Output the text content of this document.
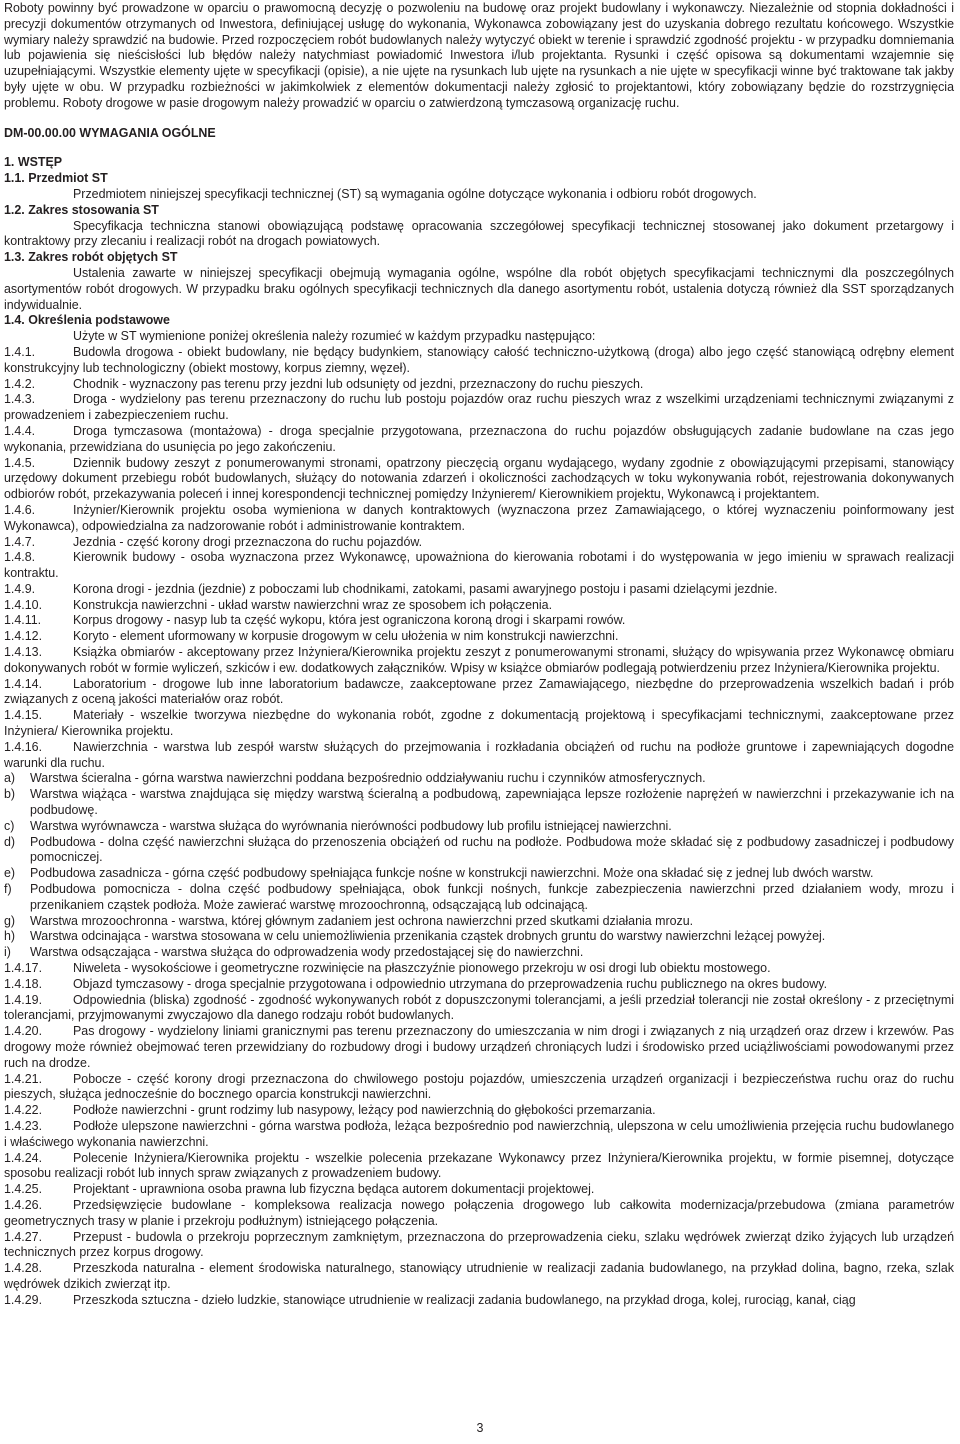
Roboty powinny być prowadzone w oparciu o prawomocną decyzję o pozwoleniu na budowę oraz projekt budowlany i wykonawczy. Niezależnie od stopnia dokładności i precyzji dokumentów otrzymanych od Inwestora, definiującej usługę do wykonania, Wykonawca zobowiązany jest do uzyskania dobrego rezultatu końcowego. Wszystkie wymiary należy sprawdzić na budowie. Przed rozpoczęciem robót budowlanych należy wytyczyć obiekt w terenie i sprawdzić zgodność projektu - w przypadku domniemania lub pojawienia się nieścisłości lub błędów należy natychmiast powiadomić Inwestora i/lub projektanta. Rysunki i część opisowa są dokumentami wzajemnie się uzupełniającymi. Wszystkie elementy ujęte w specyfikacji (opisie), a nie ujęte na rysunkach lub ujęte na rysunkach a nie ujęte w specyfikacji winne być traktowane tak jakby były ujęte w obu. W przypadku rozbieżności w jakimkolwiek z elementów dokumentacji należy zgłosić to projektantowi, który zobowiązany będzie do rozstrzygnięcia problemu. Roboty drogowe w pasie drogowym należy prowadzić w oparciu o zatwierdzoną tymczasową organizację ruchu.

DM-00.00.00 WYMAGANIA OGÓLNE

1. WSTĘP

1.1. Przedmiot ST

Przedmiotem niniejszej specyfikacji technicznej (ST) są wymagania ogólne dotyczące wykonania i odbioru robót drogowych.

1.2. Zakres stosowania ST

Specyfikacja techniczna stanowi obowiązującą podstawę opracowania szczegółowej specyfikacji technicznej stosowanej jako dokument przetargowy i kontraktowy przy zlecaniu i realizacji robót na drogach powiatowych.

1.3. Zakres robót objętych ST

Ustalenia zawarte w niniejszej specyfikacji obejmują wymagania ogólne, wspólne dla robót objętych specyfikacjami technicznymi dla poszczególnych asortymentów robót drogowych. W przypadku braku ogólnych specyfikacji technicznych dla danego asortymentu robót, ustalenia dotyczą również dla SST sporządzanych indywidualnie.

1.4. Określenia podstawowe

Użyte w ST wymienione poniżej określenia należy rozumieć w każdym przypadku następująco:

1.4.1.	Budowla drogowa - obiekt budowlany, nie będący budynkiem, stanowiący całość techniczno-użytkową (droga) albo jego część stanowiącą odrębny element konstrukcyjny lub technologiczny (obiekt mostowy, korpus ziemny, węzeł).

1.4.2.	Chodnik - wyznaczony pas terenu przy jezdni lub odsunięty od jezdni, przeznaczony do ruchu pieszych.

1.4.3.	Droga - wydzielony pas terenu przeznaczony do ruchu lub postoju pojazdów oraz ruchu pieszych wraz z wszelkimi urządzeniami technicznymi związanymi z prowadzeniem i zabezpieczeniem ruchu.

1.4.4.	Droga tymczasowa (montażowa) - droga specjalnie przygotowana, przeznaczona do ruchu pojazdów obsługujących zadanie budowlane na czas jego wykonania, przewidziana do usunięcia po jego zakończeniu.

1.4.5.	Dziennik budowy zeszyt z ponumerowanymi stronami, opatrzony pieczęcią organu wydającego, wydany zgodnie z obowiązującymi przepisami, stanowiący urzędowy dokument przebiegu robót budowlanych, służący do notowania zdarzeń i okoliczności zachodzących w toku wykonywania robót, rejestrowania dokonywanych odbiorów robót, przekazywania poleceń i innej korespondencji technicznej pomiędzy Inżynierem/ Kierownikiem projektu, Wykonawcą i projektantem.

1.4.6.	Inżynier/Kierownik projektu osoba wymieniona w danych kontraktowych (wyznaczona przez Zamawiającego, o której wyznaczeniu poinformowany jest Wykonawca), odpowiedzialna za nadzorowanie robót i administrowanie kontraktem.

1.4.7.	Jezdnia - część korony drogi przeznaczona do ruchu pojazdów.

1.4.8.	Kierownik budowy - osoba wyznaczona przez Wykonawcę, upoważniona do kierowania robotami i do występowania w jego imieniu w sprawach realizacji kontraktu.

1.4.9.	Korona drogi - jezdnia (jezdnie) z poboczami lub chodnikami, zatokami, pasami awaryjnego postoju i pasami dzielącymi jezdnie.

1.4.10. Konstrukcja nawierzchni - układ warstw nawierzchni wraz ze sposobem ich połączenia.

1.4.11.	Korpus drogowy - nasyp lub ta część wykopu, która jest ograniczona koroną drogi i skarpami rowów.

1.4.12. Koryto - element uformowany w korpusie drogowym w celu ułożenia w nim konstrukcji nawierzchni.

1.4.13. Książka obmiarów - akceptowany przez Inżyniera/Kierownika projektu zeszyt z ponumerowanymi stronami, służący do wpisywania przez Wykonawcę obmiaru dokonywanych robót w formie wyliczeń, szkiców i ew. dodatkowych załączników. Wpisy w książce obmiarów podlegają potwierdzeniu przez Inżyniera/Kierownika projektu.

1.4.14. Laboratorium - drogowe lub inne laboratorium badawcze, zaakceptowane przez Zamawiającego, niezbędne do przeprowadzenia wszelkich badań i prób związanych z oceną jakości materiałów oraz robót.

1.4.15. Materiały - wszelkie tworzywa niezbędne do wykonania robót, zgodne z dokumentacją projektową i specyfikacjami technicznymi, zaakceptowane przez Inżyniera/ Kierownika projektu.

1.4.16. Nawierzchnia - warstwa lub zespół warstw służących do przejmowania i rozkładania obciążeń od ruchu na podłoże gruntowe i zapewniających dogodne warunki dla ruchu.

a)	Warstwa ścieralna - górna warstwa nawierzchni poddana bezpośrednio oddziaływaniu ruchu i czynników atmosferycznych.
b)	Warstwa wiążąca - warstwa znajdująca się między warstwą ścieralną a podbudową, zapewniająca lepsze rozłożenie naprężeń w nawierzchni i przekazywanie ich na podbudowę.
c)	Warstwa wyrównawcza - warstwa służąca do wyrównania nierówności podbudowy lub profilu istniejącej nawierzchni.
d)	Podbudowa - dolna część nawierzchni służąca do przenoszenia obciążeń od ruchu na podłoże. Podbudowa może składać się z podbudowy zasadniczej i podbudowy pomocniczej.
e)	Podbudowa zasadnicza - górna część podbudowy spełniająca funkcje nośne w konstrukcji nawierzchni. Może ona składać się z jednej lub dwóch warstw.
f)	Podbudowa pomocnicza - dolna część podbudowy spełniająca, obok funkcji nośnych, funkcje zabezpieczenia nawierzchni przed działaniem wody, mrozu i przenikaniem cząstek podłoża. Może zawierać warstwę mrozoochronną, odsączającą lub odcinającą.
g)	Warstwa mrozoochronna - warstwa, której głównym zadaniem jest ochrona nawierzchni przed skutkami działania mrozu.
h)	Warstwa odcinająca - warstwa stosowana w celu uniemożliwienia przenikania cząstek drobnych gruntu do warstwy nawierzchni leżącej powyżej.
i)	Warstwa odsączająca - warstwa służąca do odprowadzenia wody przedostającej się do nawierzchni.

1.4.17. Niweleta - wysokościowe i geometryczne rozwinięcie na płaszczyźnie pionowego przekroju w osi drogi lub obiektu mostowego.

1.4.18. Objazd tymczasowy - droga specjalnie przygotowana i odpowiednio utrzymana do przeprowadzenia ruchu publicznego na okres budowy.

1.4.19. Odpowiednia (bliska) zgodność - zgodność wykonywanych robót z dopuszczonymi tolerancjami, a jeśli przedział tolerancji nie został określony - z przeciętnymi tolerancjami, przyjmowanymi zwyczajowo dla danego rodzaju robót budowlanych.

1.4.20. Pas drogowy - wydzielony liniami granicznymi pas terenu przeznaczony do umieszczania w nim drogi i związanych z nią urządzeń oraz drzew i krzewów. Pas drogowy może również obejmować teren przewidziany do rozbudowy drogi i budowy urządzeń chroniących ludzi i środowisko przed uciążliwościami powodowanymi przez ruch na drodze.

1.4.21. Pobocze - część korony drogi przeznaczona do chwilowego postoju pojazdów, umieszczenia urządzeń organizacji i bezpieczeństwa ruchu oraz do ruchu pieszych, służąca jednocześnie do bocznego oparcia konstrukcji nawierzchni.

1.4.22. Podłoże nawierzchni - grunt rodzimy lub nasypowy, leżący pod nawierzchnią do głębokości przemarzania.

1.4.23. Podłoże ulepszone nawierzchni - górna warstwa podłoża, leżąca bezpośrednio pod nawierzchnią, ulepszona w celu umożliwienia przejęcia ruchu budowlanego i właściwego wykonania nawierzchni.

1.4.24. Polecenie Inżyniera/Kierownika projektu - wszelkie polecenia przekazane Wykonawcy przez Inżyniera/Kierownika projektu, w formie pisemnej, dotyczące sposobu realizacji robót lub innych spraw związanych z prowadzeniem budowy.

1.4.25. Projektant - uprawniona osoba prawna lub fizyczna będąca autorem dokumentacji projektowej.

1.4.26. Przedsięwzięcie budowlane - kompleksowa realizacja nowego połączenia drogowego lub całkowita modernizacja/przebudowa (zmiana parametrów geometrycznych trasy w planie i przekroju podłużnym) istniejącego połączenia.

1.4.27. Przepust - budowla o przekroju poprzecznym zamkniętym, przeznaczona do przeprowadzenia cieku, szlaku wędrówek zwierząt dziko żyjących lub urządzeń technicznych przez korpus drogowy.

1.4.28. Przeszkoda naturalna - element środowiska naturalnego, stanowiący utrudnienie w realizacji zadania budowlanego, na przykład dolina, bagno, rzeka, szlak wędrówek dzikich zwierząt itp.

1.4.29. Przeszkoda sztuczna - dzieło ludzkie, stanowiące utrudnienie w realizacji zadania budowlanego, na przykład droga, kolej, rurociąg, kanał, ciąg

3
